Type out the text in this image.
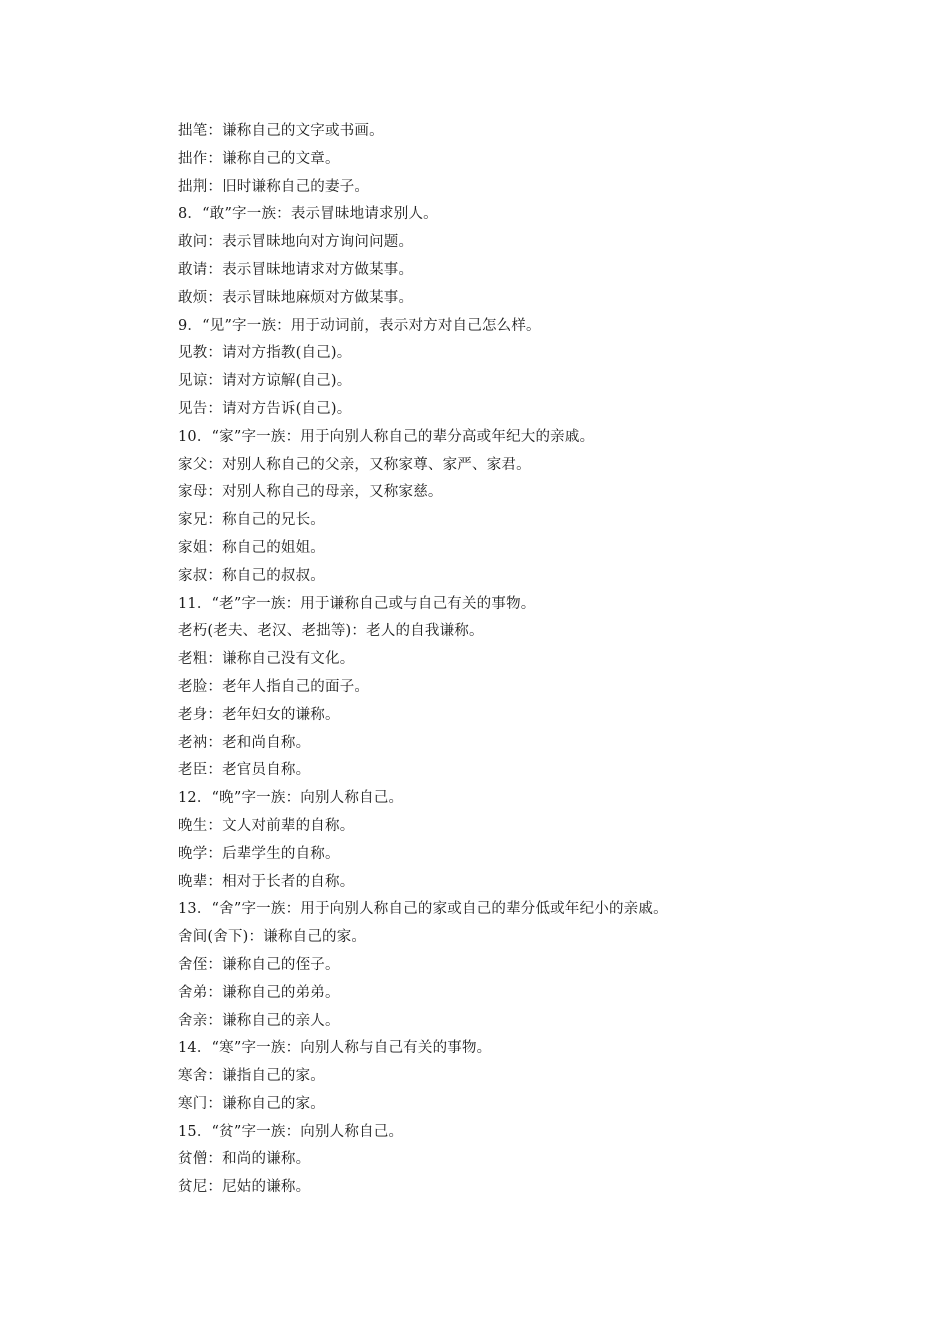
拙笔：谦称自己的文字或书画。
拙作：谦称自己的文章。
拙荆：旧时谦称自己的妻子。
8．“敢”字一族：表示冒昧地请求别人。
敢问：表示冒昧地向对方询问问题。
敢请：表示冒昧地请求对方做某事。
敢烦：表示冒昧地麻烦对方做某事。
9．“见”字一族：用于动词前，表示对方对自己怎么样。
见教：请对方指教(自己)。
见谅：请对方谅解(自己)。
见告：请对方告诉(自己)。
10．“家”字一族：用于向别人称自己的辈分高或年纪大的亲戚。
家父：对别人称自己的父亲，又称家尊、家严、家君。
家母：对别人称自己的母亲，又称家慈。
家兄：称自己的兄长。
家姐：称自己的姐姐。
家叔：称自己的叔叔。
11．“老”字一族：用于谦称自己或与自己有关的事物。
老朽(老夫、老汉、老拙等)：老人的自我谦称。
老粗：谦称自己没有文化。
老脸：老年人指自己的面子。
老身：老年妇女的谦称。
老衲：老和尚自称。
老臣：老官员自称。
12．“晚”字一族：向别人称自己。
晚生：文人对前辈的自称。
晚学：后辈学生的自称。
晚辈：相对于长者的自称。
13．“舍”字一族：用于向别人称自己的家或自己的辈分低或年纪小的亲戚。
舍间(舍下)：谦称自己的家。
舍侄：谦称自己的侄子。
舍弟：谦称自己的弟弟。
舍亲：谦称自己的亲人。
14．“寒”字一族：向别人称与自己有关的事物。
寒舍：谦指自己的家。
寒门：谦称自己的家。
15．“贫”字一族：向别人称自己。
贫僧：和尚的谦称。
贫尼：尼姑的谦称。
